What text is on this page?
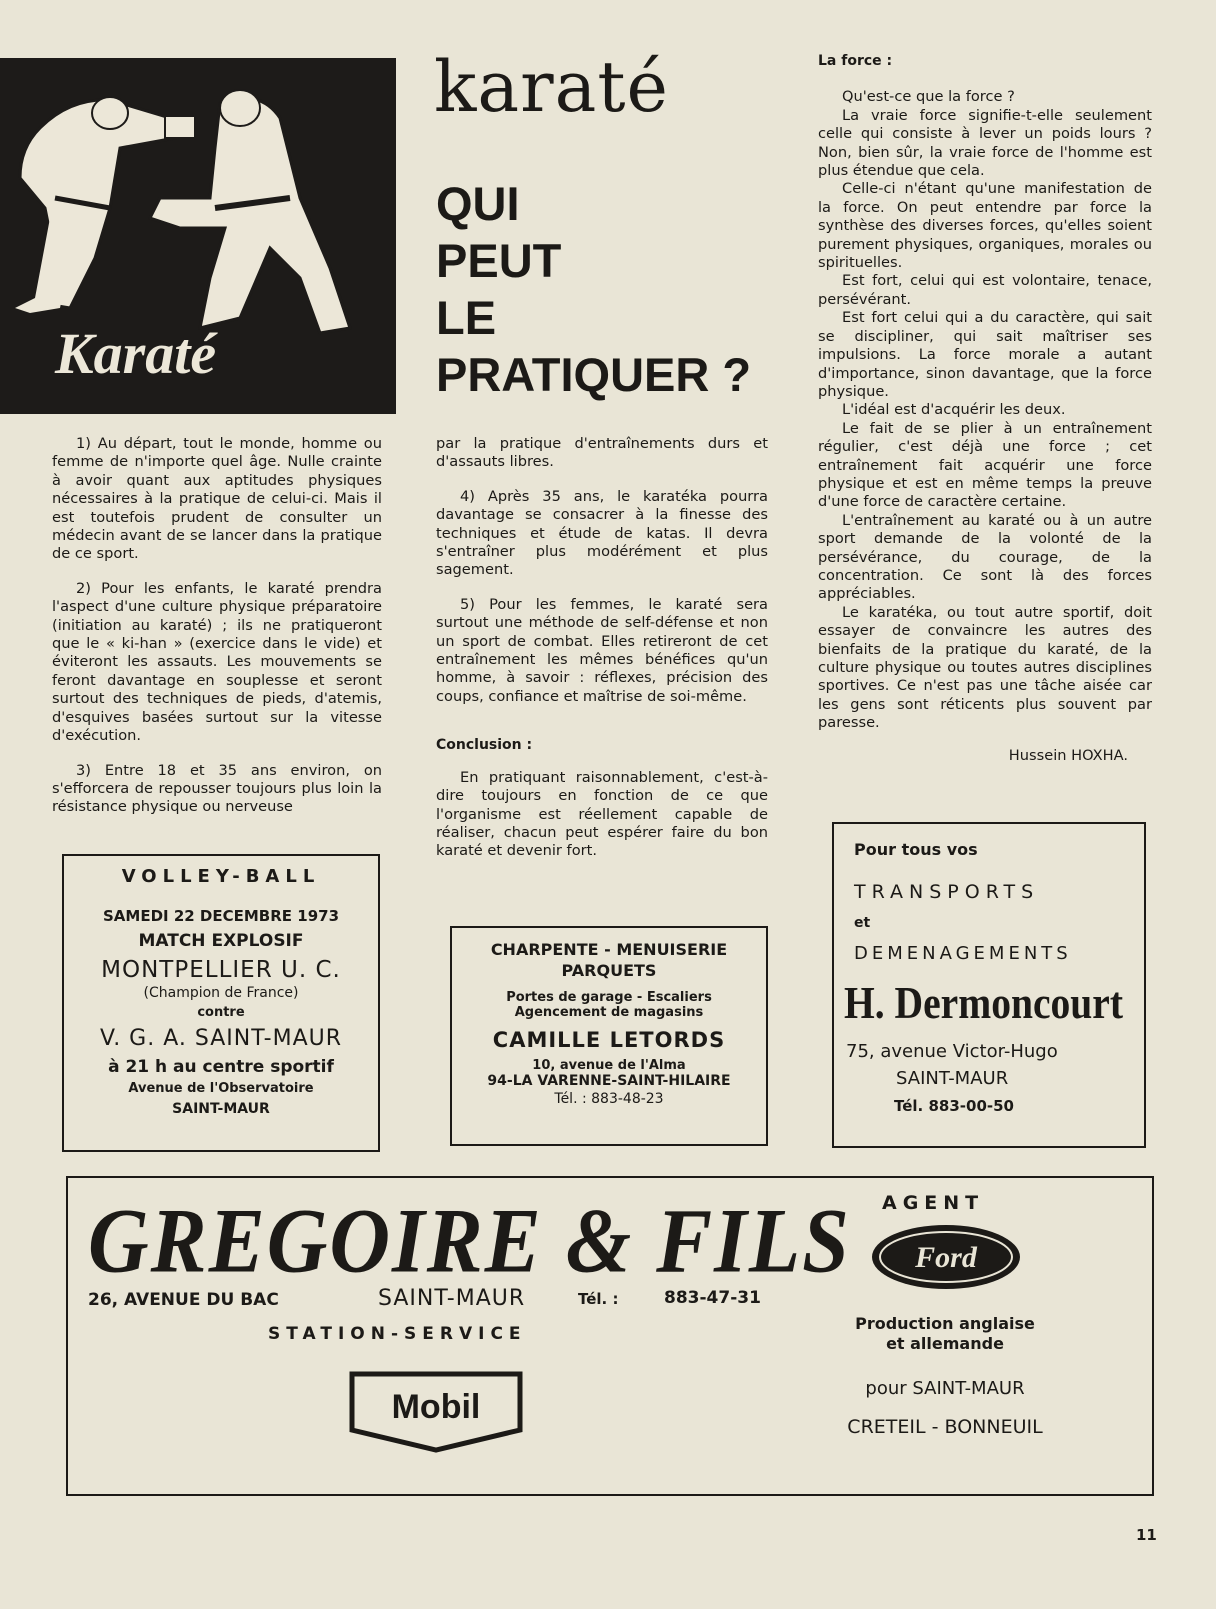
Karaté
karaté
QUI
PEUT
LE
PRATIQUER ?

1) Au départ, tout le monde, homme ou femme de n'importe quel âge. Nulle crainte à avoir quant aux aptitudes physiques nécessaires à la pratique de celui-ci. Mais il est toutefois prudent de consulter un médecin avant de se lancer dans la pratique de ce sport.

2) Pour les enfants, le karaté prendra l'aspect d'une culture physique préparatoire (initiation au karaté) ; ils ne pratiqueront que le « ki-han » (exercice dans le vide) et éviteront les assauts. Les mouvements se feront davantage en souplesse et seront surtout des techniques de pieds, d'atemis, d'esquives basées surtout sur la vitesse d'exécution.

3) Entre 18 et 35 ans environ, on s'efforcera de repousser toujours plus loin la résistance physique ou nerveuse

par la pratique d'entraînements durs et d'assauts libres.

4) Après 35 ans, le karatéka pourra davantage se consacrer à la finesse des techniques et étude de katas. Il devra s'entraîner plus modérément et plus sagement.

5) Pour les femmes, le karaté sera surtout une méthode de self-défense et non un sport de combat. Elles retireront de cet entraînement les mêmes bénéfices qu'un homme, à savoir : réflexes, précision des coups, confiance et maîtrise de soi-même.

Conclusion :

En pratiquant raisonnablement, c'est-à-dire toujours en fonction de ce que l'organisme est réellement capable de réaliser, chacun peut espérer faire du bon karaté et devenir fort.

La force :

Qu'est-ce que la force ?

La vraie force signifie-t-elle seulement celle qui consiste à lever un poids lours ? Non, bien sûr, la vraie force de l'homme est plus étendue que cela.

Celle-ci n'étant qu'une manifestation de la force. On peut entendre par force la synthèse des diverses forces, qu'elles soient purement physiques, organiques, morales ou spirituelles.

Est fort, celui qui est volontaire, tenace, persévérant.

Est fort celui qui a du caractère, qui sait se discipliner, qui sait maîtriser ses impulsions. La force morale a autant d'importance, sinon davantage, que la force physique.

L'idéal est d'acquérir les deux.

Le fait de se plier à un entraînement régulier, c'est déjà une force ; cet entraînement fait acquérir une force physique et est en même temps la preuve d'une force de caractère certaine.

L'entraînement au karaté ou à un autre sport demande de la volonté de la persévérance, du courage, de la concentration. Ce sont là des forces appréciables.

Le karatéka, ou tout autre sportif, doit essayer de convaincre les autres des bienfaits de la pratique du karaté, de la culture physique ou toutes autres disciplines sportives. Ce n'est pas une tâche aisée car les gens sont réticents plus souvent par paresse.

Hussein HOXHA.

VOLLEY-BALL
SAMEDI 22 DECEMBRE 1973
MATCH EXPLOSIF
MONTPELLIER U. C.
(Champion de France)
contre
V. G. A. SAINT-MAUR
à 21 h au centre sportif
Avenue de l'Observatoire
SAINT-MAUR
CHARPENTE - MENUISERIE
PARQUETS
Portes de garage - Escaliers
Agencement de magasins
CAMILLE LETORDS
10, avenue de l'Alma
94-LA VARENNE-SAINT-HILAIRE
Tél. : 883-48-23
Pour tous vos
TRANSPORTS
et
DEMENAGEMENTS
H. Dermoncourt
75, avenue Victor-Hugo
SAINT-MAUR
Tél. 883-00-50
GREGOIRE & FILS
26, AVENUE DU BAC	SAINT-MAUR	Tél. :	883-47-31
STATION-SERVICE
Mobil
AGENT
Ford
Production anglaise
et allemande
pour SAINT-MAUR
CRETEIL - BONNEUIL
11
